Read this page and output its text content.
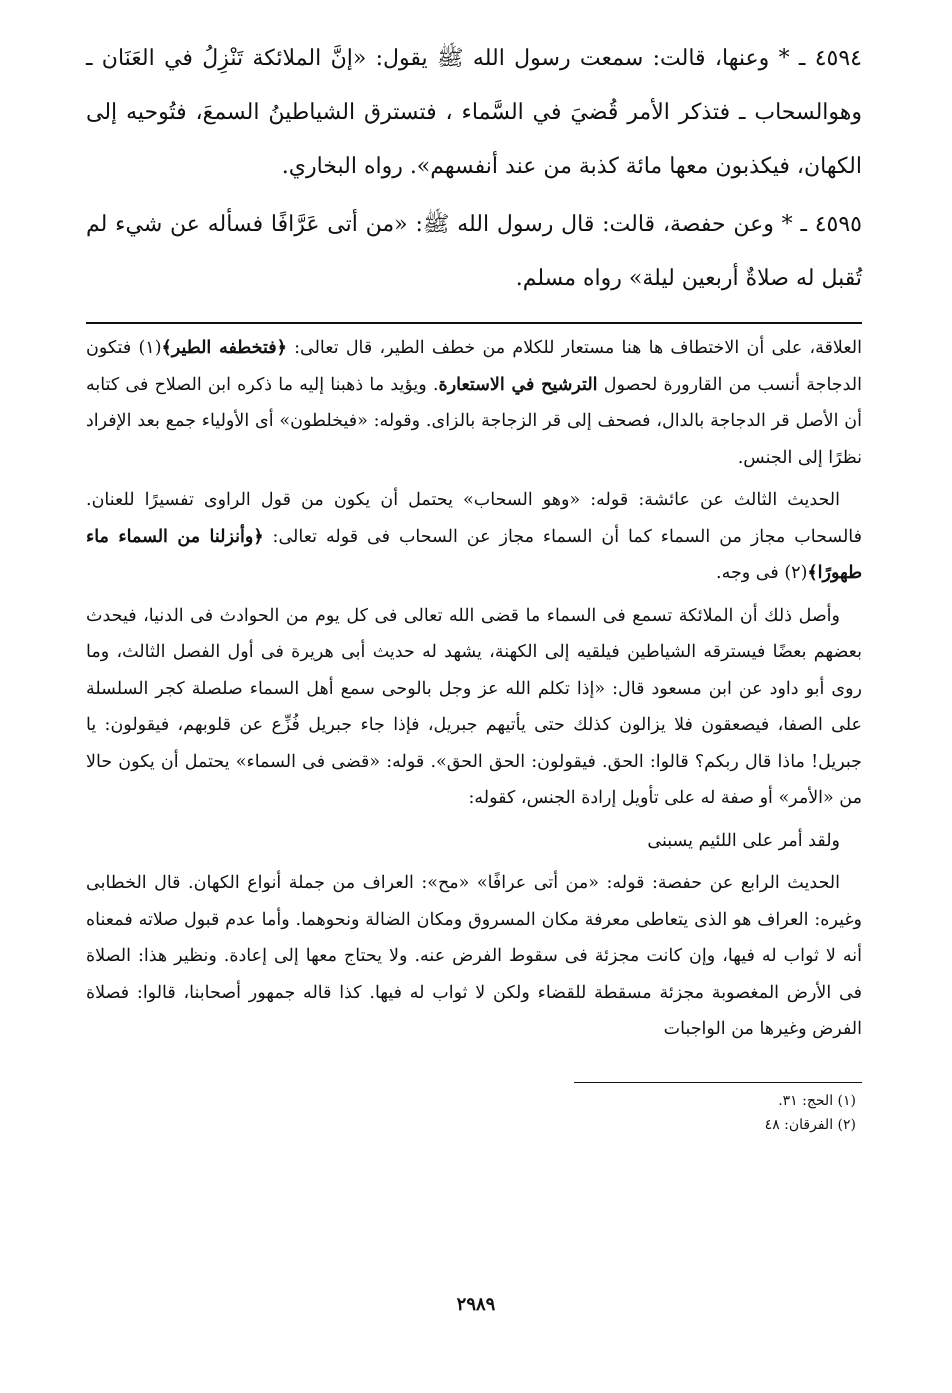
٤٥٩٤ ـ * وعنها، قالت: سمعت رسول الله ﷺ يقول: «إنَّ الملائكة تَنْزِلُ في العَنَان ـ وهوالسحاب ـ فتذكر الأمر قُضيَ في السَّماء ، فتسترق الشياطينُ السمعَ، فتُوحيه إلى الكهان، فيكذبون معها مائة كذبة من عند أنفسهم». رواه البخاري.

٤٥٩٥ ـ * وعن حفصة، قالت: قال رسول الله ﷺ: «من أتى عَرَّافًا فسأله عن شيء لم تُقبل له صلاةٌ أربعين ليلة» رواه مسلم.

العلاقة، على أن الاختطاف ها هنا مستعار للكلام من خطف الطير، قال تعالى: ﴿فتخطفه الطير﴾(١) فتكون الدجاجة أنسب من القارورة لحصول الترشيح في الاستعارة. ويؤيد ما ذهبنا إليه ما ذكره ابن الصلاح فى كتابه أن الأصل قر الدجاجة بالدال، فصحف إلى قر الزجاجة بالزاى. وقوله: «فيخلطون» أى الأولياء جمع بعد الإفراد نظرًا إلى الجنس.

الحديث الثالث عن عائشة: قوله: «وهو السحاب» يحتمل أن يكون من قول الراوى تفسيرًا للعنان. فالسحاب مجاز من السماء كما أن السماء مجاز عن السحاب فى قوله تعالى: ﴿وأنزلنا من السماء ماء طهورًا﴾(٢) فى وجه.

وأصل ذلك أن الملائكة تسمع فى السماء ما قضى الله تعالى فى كل يوم من الحوادث فى الدنيا، فيحدث بعضهم بعضًا فيسترقه الشياطين فيلقيه إلى الكهنة، يشهد له حديث أبى هريرة فى أول الفصل الثالث، وما روى أبو داود عن ابن مسعود قال: «إذا تكلم الله عز وجل بالوحى سمع أهل السماء صلصلة كجر السلسلة على الصفا، فيصعقون فلا يزالون كذلك حتى يأتيهم جبريل، فإذا جاء جبريل فُزِّع عن قلوبهم، فيقولون: يا جبريل! ماذا قال ربكم؟ قالوا: الحق. فيقولون: الحق الحق». قوله: «قضى فى السماء» يحتمل أن يكون حالا من «الأمر» أو صفة له على تأويل إرادة الجنس، كقوله:

ولقد أمر على اللئيم يسبنى

الحديث الرابع عن حفصة: قوله: «من أتى عرافًا» «مح»: العراف من جملة أنواع الكهان. قال الخطابى وغيره: العراف هو الذى يتعاطى معرفة مكان المسروق ومكان الضالة ونحوهما. وأما عدم قبول صلاته فمعناه أنه لا ثواب له فيها، وإن كانت مجزئة فى سقوط الفرض عنه. ولا يحتاج معها إلى إعادة. ونظير هذا: الصلاة فى الأرض المغصوبة مجزئة مسقطة للقضاء ولكن لا ثواب له فيها. كذا قاله جمهور أصحابنا، قالوا: فصلاة الفرض وغيرها من الواجبات

(١) الحج: ٣١.

(٢) الفرقان: ٤٨

٢٩٨٩
